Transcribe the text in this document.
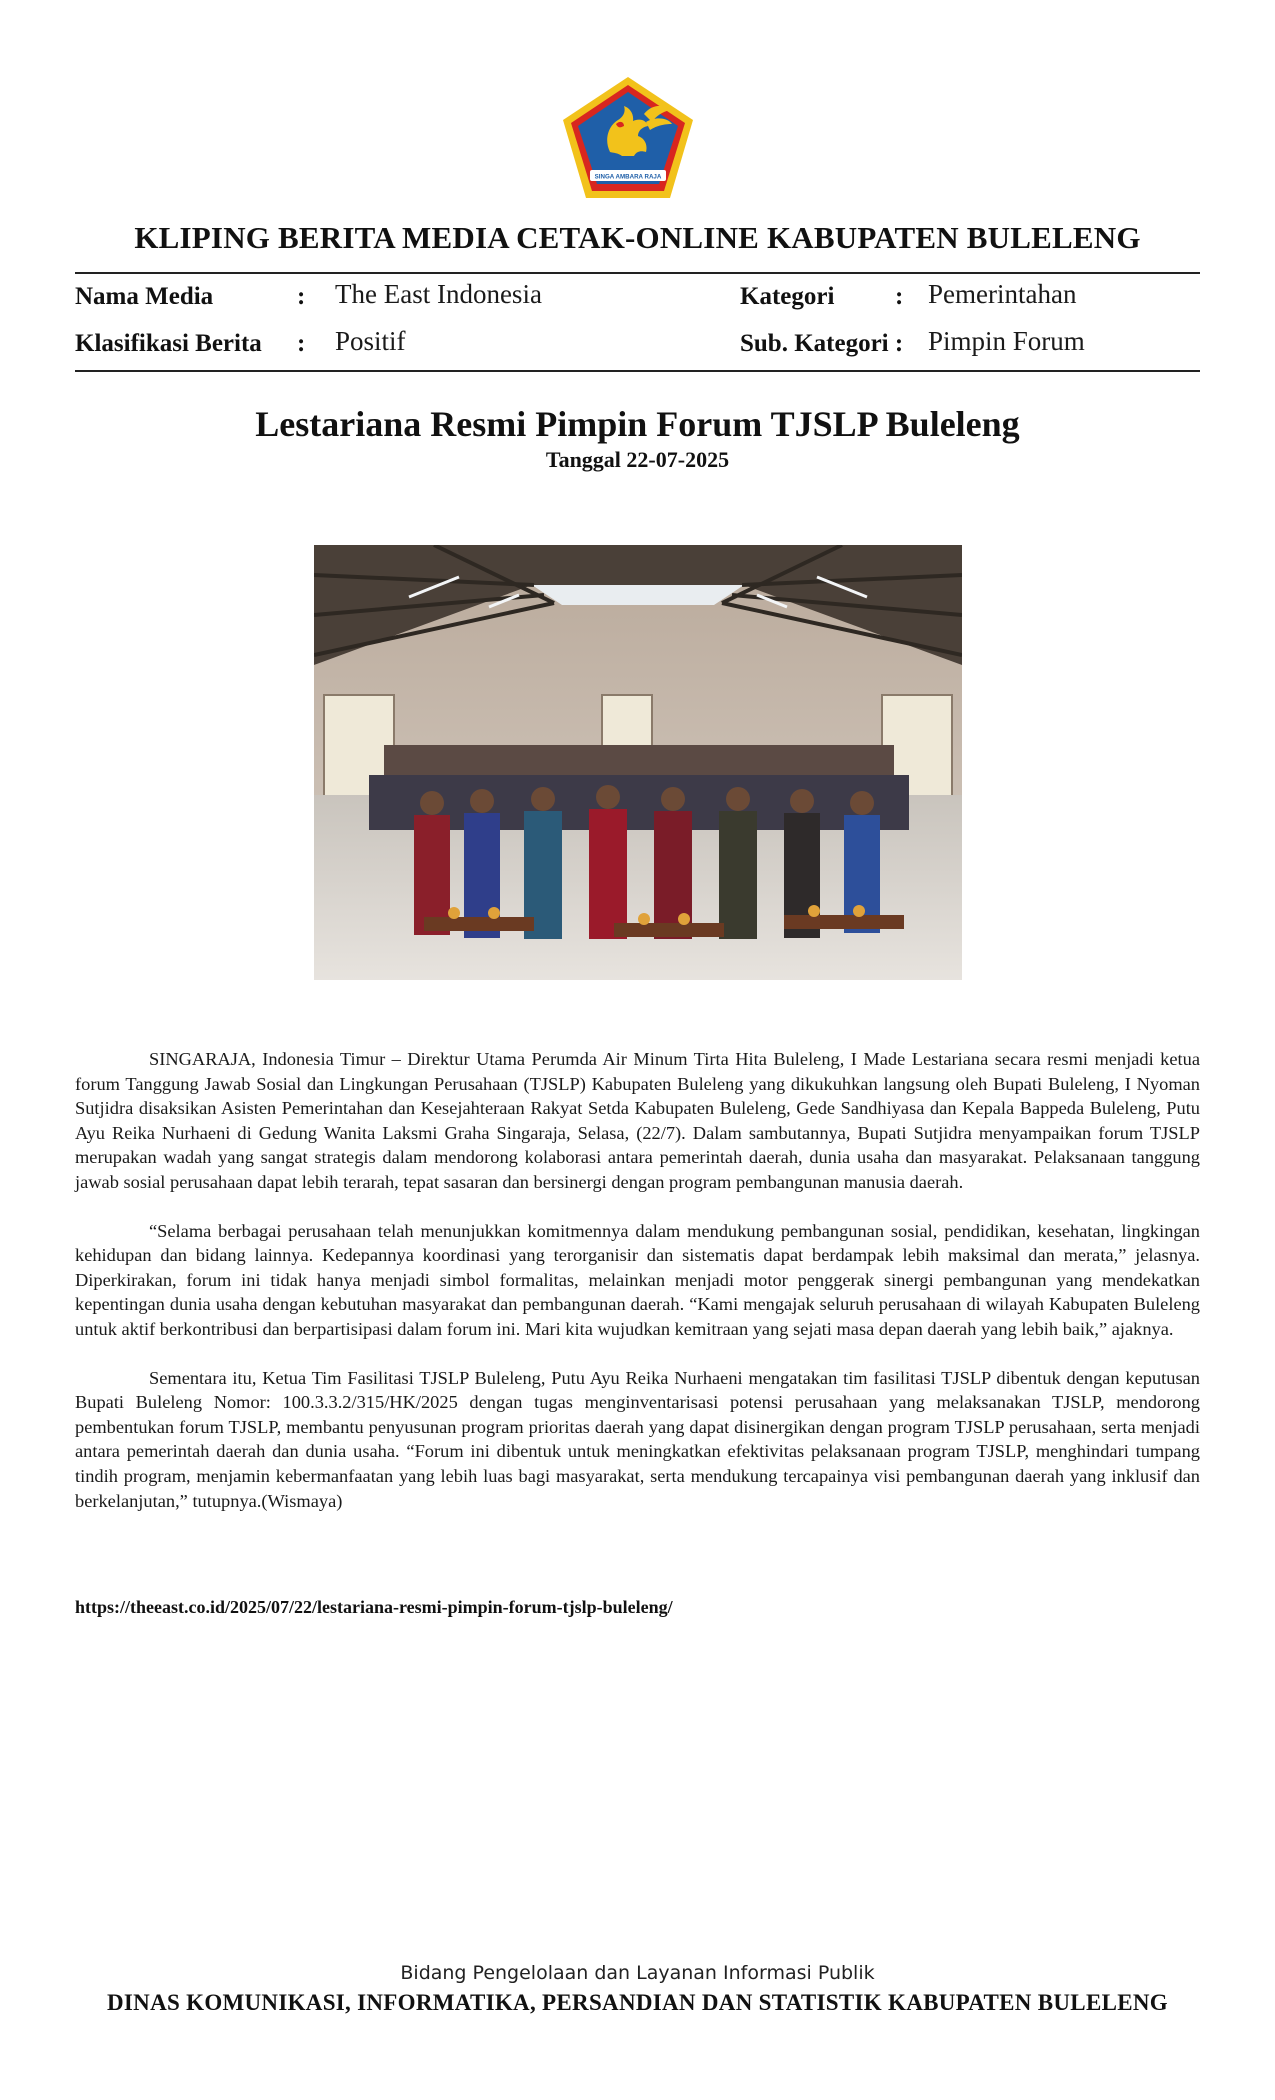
SINGA AMBARA RAJA
KLIPING BERITA MEDIA CETAK-ONLINE KABUPATEN BULELENG
Nama Media	: The East Indonesia
Klasifikasi Berita : Positif
Kategori : Pemerintahan
Sub. Kategori : Pimpin Forum
Lestariana Resmi Pimpin Forum TJSLP Buleleng
Tanggal 22-07-2025

SINGARAJA, Indonesia Timur – Direktur Utama Perumda Air Minum Tirta Hita Buleleng, I Made Lestariana secara resmi menjadi ketua forum Tanggung Jawab Sosial dan Lingkungan Perusahaan (TJSLP) Kabupaten Buleleng yang dikukuhkan langsung oleh Bupati Buleleng, I Nyoman Sutjidra disaksikan Asisten Pemerintahan dan Kesejahteraan Rakyat Setda Kabupaten Buleleng, Gede Sandhiyasa dan Kepala Bappeda Buleleng, Putu Ayu Reika Nurhaeni di Gedung Wanita Laksmi Graha Singaraja, Selasa, (22/7). Dalam sambutannya, Bupati Sutjidra menyampaikan forum TJSLP merupakan wadah yang sangat strategis dalam mendorong kolaborasi antara pemerintah daerah, dunia usaha dan masyarakat. Pelaksanaan tanggung jawab sosial perusahaan dapat lebih terarah, tepat sasaran dan bersinergi dengan program pembangunan manusia daerah.

“Selama berbagai perusahaan telah menunjukkan komitmennya dalam mendukung pembangunan sosial, pendidikan, kesehatan, lingkingan kehidupan dan bidang lainnya. Kedepannya koordinasi yang terorganisir dan sistematis dapat berdampak lebih maksimal dan merata,” jelasnya. Diperkirakan, forum ini tidak hanya menjadi simbol formalitas, melainkan menjadi motor penggerak sinergi pembangunan yang mendekatkan kepentingan dunia usaha dengan kebutuhan masyarakat dan pembangunan daerah. “Kami mengajak seluruh perusahaan di wilayah Kabupaten Buleleng untuk aktif berkontribusi dan berpartisipasi dalam forum ini. Mari kita wujudkan kemitraan yang sejati masa depan daerah yang lebih baik,” ajaknya.

Sementara itu, Ketua Tim Fasilitasi TJSLP Buleleng, Putu Ayu Reika Nurhaeni mengatakan tim fasilitasi TJSLP dibentuk dengan keputusan Bupati Buleleng Nomor: 100.3.3.2/315/HK/2025 dengan tugas menginventarisasi potensi perusahaan yang melaksanakan TJSLP, mendorong pembentukan forum TJSLP, membantu penyusunan program prioritas daerah yang dapat disinergikan dengan program TJSLP perusahaan, serta menjadi antara pemerintah daerah dan dunia usaha. “Forum ini dibentuk untuk meningkatkan efektivitas pelaksanaan program TJSLP, menghindari tumpang tindih program, menjamin kebermanfaatan yang lebih luas bagi masyarakat, serta mendukung tercapainya visi pembangunan daerah yang inklusif dan berkelanjutan,” tutupnya.(Wismaya)

https://theeast.co.id/2025/07/22/lestariana-resmi-pimpin-forum-tjslp-buleleng/
Bidang Pengelolaan dan Layanan Informasi Publik
DINAS KOMUNIKASI, INFORMATIKA, PERSANDIAN DAN STATISTIK KABUPATEN BULELENG
